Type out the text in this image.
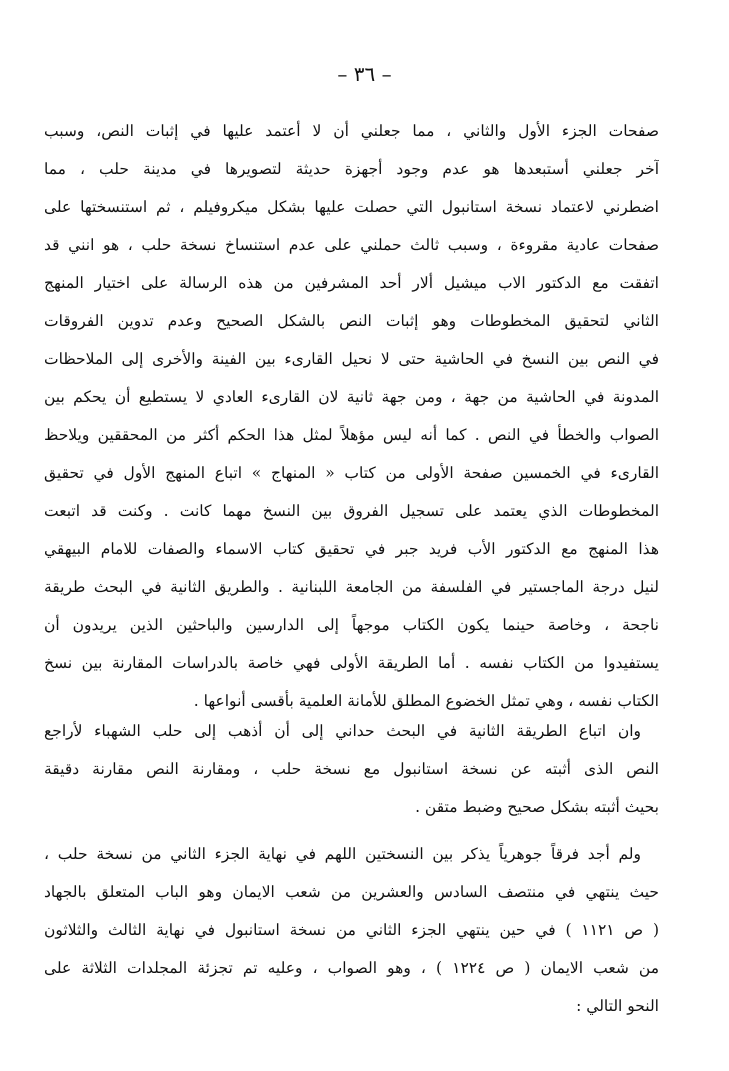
– ٣٦ –
صفحات الجزء الأول والثاني ، مما جعلني أن لا أعتمد عليها في إثبات النص، وسبب
آخر جعلني أستبعدها هو عدم وجود أجهزة حديثة لتصويرها في مدينة حلب ، مما
اضطرني لاعتماد نسخة استانبول التي حصلت عليها بشكل ميكروفيلم ، ثم استنسختها على
صفحات عادية مقروءة ، وسبب ثالث حملني على عدم استنساخ نسخة حلب ، هو انني قد
اتفقت مع الدكتور الاب ميشيل ألار أحد المشرفين من هذه الرسالة على اختيار المنهج
الثاني لتحقيق المخطوطات وهو إثبات النص بالشكل الصحيح وعدم تدوين الفروقات
في النص بين النسخ في الحاشية حتى لا نحيل القارىء بين الفينة والأخرى إلى الملاحظات
المدونة في الحاشية من جهة ، ومن جهة ثانية لان القارىء العادي لا يستطيع أن يحكم بين
الصواب والخطأ في النص . كما أنه ليس مؤهلاً لمثل هذا الحكم أكثر من المحققين ويلاحظ
القارىء في الخمسين صفحة الأولى من كتاب « المنهاج » اتباع المنهج الأول في تحقيق
المخطوطات الذي يعتمد على تسجيل الفروق بين النسخ مهما كانت . وكنت قد اتبعت
هذا المنهج مع الدكتور الأب فريد جبر في تحقيق كتاب الاسماء والصفات للامام البيهقي
لنيل درجة الماجستير في الفلسفة من الجامعة اللبنانية . والطريق الثانية في البحث طريقة
ناجحة ، وخاصة حينما يكون الكتاب موجهاً إلى الدارسين والباحثين الذين يريدون أن
يستفيدوا من الكتاب نفسه . أما الطريقة الأولى فهي خاصة بالدراسات المقارنة بين نسخ
الكتاب نفسه ، وهي تمثل الخضوع المطلق للأمانة العلمية بأقسى أنواعها .
وان اتباع الطريقة الثانية في البحث حداني إلى أن أذهب إلى حلب الشهباء لأراجع
النص الذى أثبته عن نسخة استانبول مع نسخة حلب ، ومقارنة النص مقارنة دقيقة
بحيث أثبته بشكل صحيح وضبط متقن .
ولم أجد فرقاً جوهرياً يذكر بين النسختين اللهم في نهاية الجزء الثاني من نسخة حلب ،
حيث ينتهي في منتصف السادس والعشرين من شعب الايمان وهو الباب المتعلق بالجهاد
( ص ١١٢١ ) في حين ينتهي الجزء الثاني من نسخة استانبول في نهاية الثالث والثلاثون
من شعب الايمان ( ص ١٢٢٤ ) ، وهو الصواب ، وعليه تم تجزئة المجلدات الثلاثة على
النحو التالي :
